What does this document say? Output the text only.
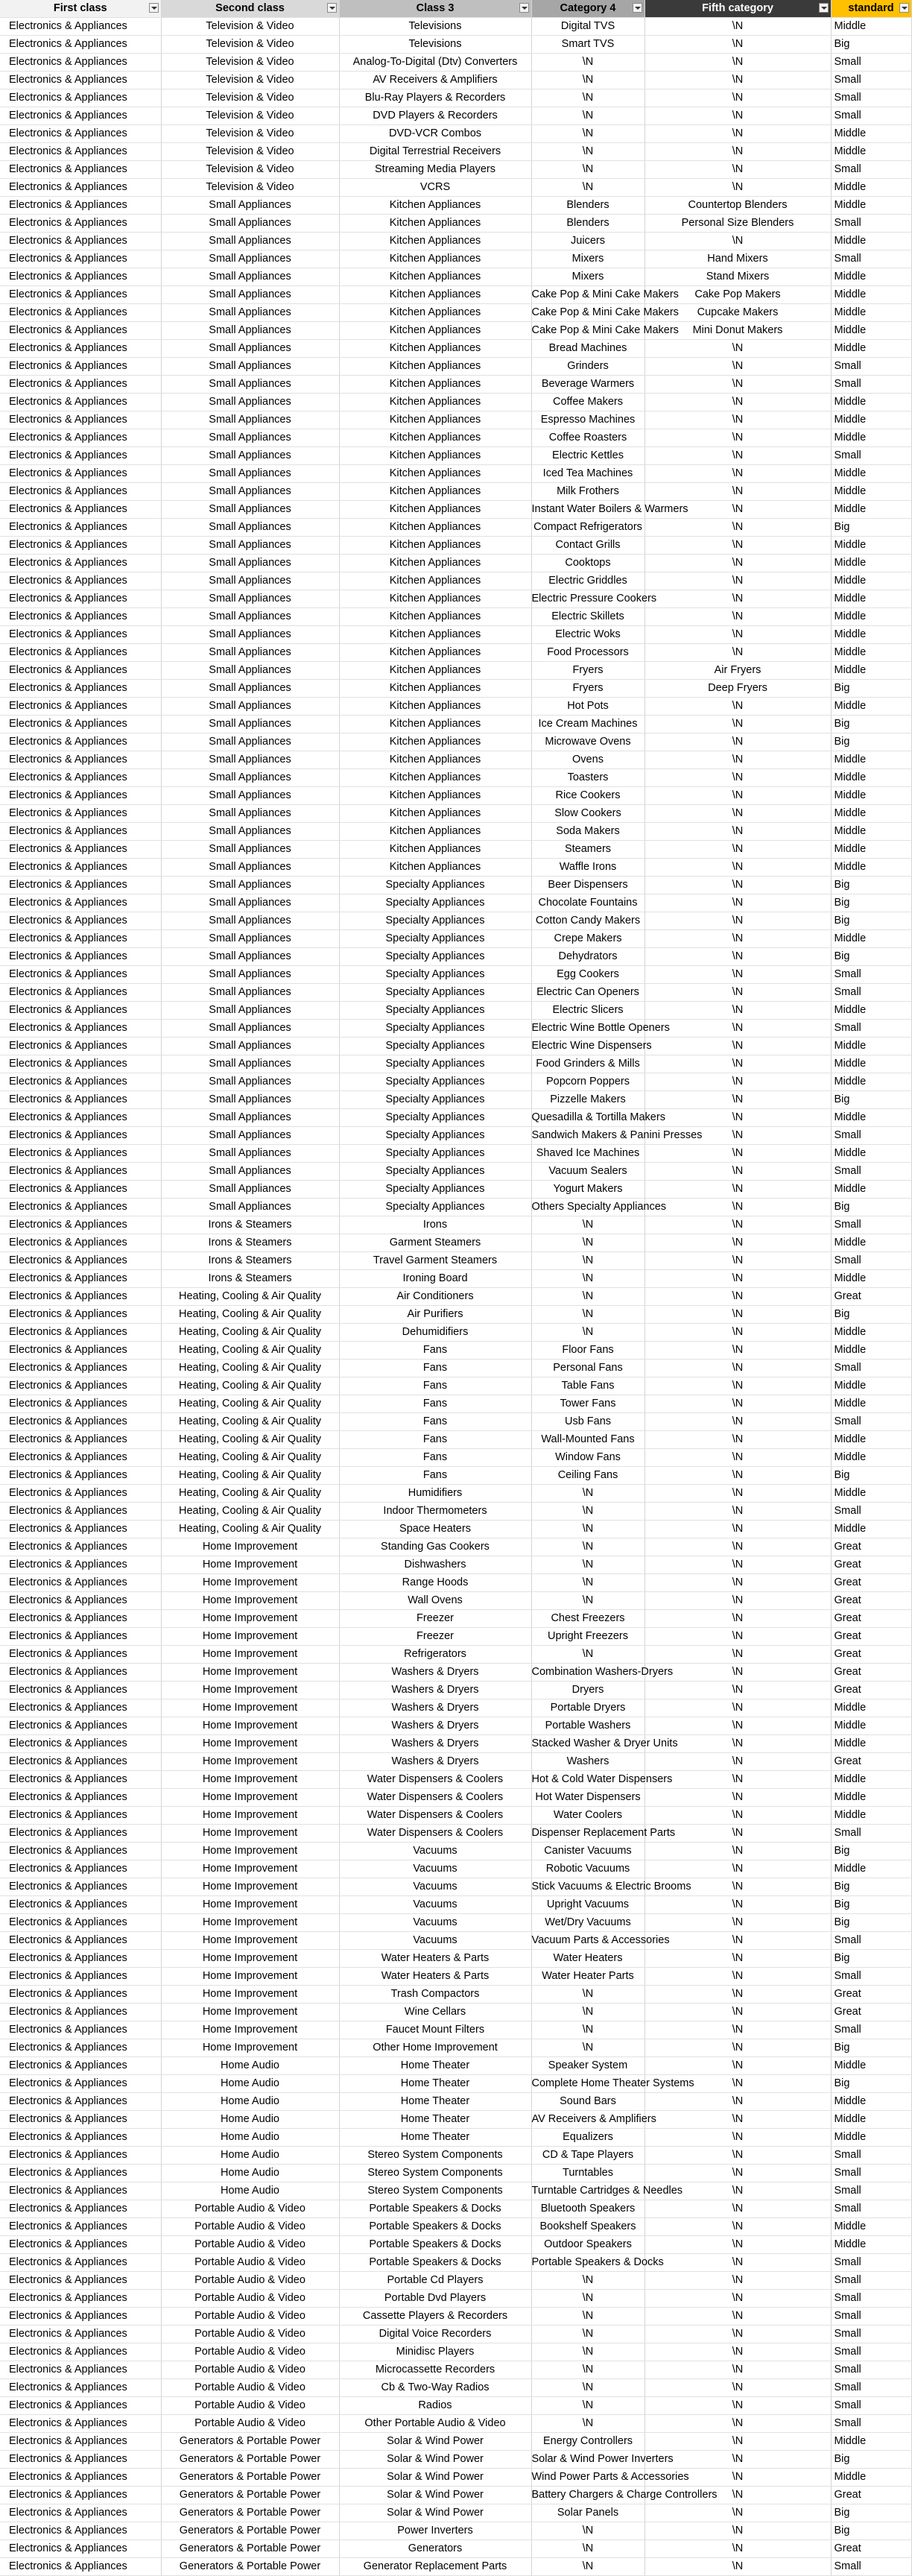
First class	Second class	Class 3	Category 4	Fifth category	standard

Electronics & Appliances	Television & Video	Televisions	Digital TVS	\N	Middle
Electronics & Appliances	Television & Video	Televisions	Smart TVS	\N	Big
Electronics & Appliances	Television & Video	Analog-To-Digital (Dtv) Converters	\N	\N	Small
Electronics & Appliances	Television & Video	AV Receivers & Amplifiers	\N	\N	Small
Electronics & Appliances	Television & Video	Blu-Ray Players & Recorders	\N	\N	Small
Electronics & Appliances	Television & Video	DVD Players & Recorders	\N	\N	Small
Electronics & Appliances	Television & Video	DVD-VCR Combos	\N	\N	Middle
Electronics & Appliances	Television & Video	Digital Terrestrial Receivers	\N	\N	Middle
Electronics & Appliances	Television & Video	Streaming Media Players	\N	\N	Small
Electronics & Appliances	Television & Video	VCRS	\N	\N	Middle
Electronics & Appliances	Small Appliances	Kitchen Appliances	Blenders	Countertop Blenders	Middle
Electronics & Appliances	Small Appliances	Kitchen Appliances	Blenders	Personal Size Blenders	Small
Electronics & Appliances	Small Appliances	Kitchen Appliances	Juicers	\N	Middle
Electronics & Appliances	Small Appliances	Kitchen Appliances	Mixers	Hand Mixers	Small
Electronics & Appliances	Small Appliances	Kitchen Appliances	Mixers	Stand Mixers	Middle
Electronics & Appliances	Small Appliances	Kitchen Appliances	Cake Pop & Mini Cake Makers	Cake Pop Makers	Middle
Electronics & Appliances	Small Appliances	Kitchen Appliances	Cake Pop & Mini Cake Makers	Cupcake Makers	Middle
Electronics & Appliances	Small Appliances	Kitchen Appliances	Cake Pop & Mini Cake Makers	Mini Donut Makers	Middle
Electronics & Appliances	Small Appliances	Kitchen Appliances	Bread Machines	\N	Middle
Electronics & Appliances	Small Appliances	Kitchen Appliances	Grinders	\N	Small
Electronics & Appliances	Small Appliances	Kitchen Appliances	Beverage Warmers	\N	Small
Electronics & Appliances	Small Appliances	Kitchen Appliances	Coffee Makers	\N	Middle
Electronics & Appliances	Small Appliances	Kitchen Appliances	Espresso Machines	\N	Middle
Electronics & Appliances	Small Appliances	Kitchen Appliances	Coffee Roasters	\N	Middle
Electronics & Appliances	Small Appliances	Kitchen Appliances	Electric Kettles	\N	Small
Electronics & Appliances	Small Appliances	Kitchen Appliances	Iced Tea Machines	\N	Middle
Electronics & Appliances	Small Appliances	Kitchen Appliances	Milk Frothers	\N	Middle
Electronics & Appliances	Small Appliances	Kitchen Appliances	Instant Water Boilers & Warmers	\N	Middle
Electronics & Appliances	Small Appliances	Kitchen Appliances	Compact Refrigerators	\N	Big
Electronics & Appliances	Small Appliances	Kitchen Appliances	Contact Grills	\N	Middle
Electronics & Appliances	Small Appliances	Kitchen Appliances	Cooktops	\N	Middle
Electronics & Appliances	Small Appliances	Kitchen Appliances	Electric Griddles	\N	Middle
Electronics & Appliances	Small Appliances	Kitchen Appliances	Electric Pressure Cookers	\N	Middle
Electronics & Appliances	Small Appliances	Kitchen Appliances	Electric Skillets	\N	Middle
Electronics & Appliances	Small Appliances	Kitchen Appliances	Electric Woks	\N	Middle
Electronics & Appliances	Small Appliances	Kitchen Appliances	Food Processors	\N	Middle
Electronics & Appliances	Small Appliances	Kitchen Appliances	Fryers	Air Fryers	Middle
Electronics & Appliances	Small Appliances	Kitchen Appliances	Fryers	Deep Fryers	Big
Electronics & Appliances	Small Appliances	Kitchen Appliances	Hot Pots	\N	Middle
Electronics & Appliances	Small Appliances	Kitchen Appliances	Ice Cream Machines	\N	Big
Electronics & Appliances	Small Appliances	Kitchen Appliances	Microwave Ovens	\N	Big
Electronics & Appliances	Small Appliances	Kitchen Appliances	Ovens	\N	Middle
Electronics & Appliances	Small Appliances	Kitchen Appliances	Toasters	\N	Middle
Electronics & Appliances	Small Appliances	Kitchen Appliances	Rice Cookers	\N	Middle
Electronics & Appliances	Small Appliances	Kitchen Appliances	Slow Cookers	\N	Middle
Electronics & Appliances	Small Appliances	Kitchen Appliances	Soda Makers	\N	Middle
Electronics & Appliances	Small Appliances	Kitchen Appliances	Steamers	\N	Middle
Electronics & Appliances	Small Appliances	Kitchen Appliances	Waffle Irons	\N	Middle
Electronics & Appliances	Small Appliances	Specialty Appliances	Beer Dispensers	\N	Big
Electronics & Appliances	Small Appliances	Specialty Appliances	Chocolate Fountains	\N	Big
Electronics & Appliances	Small Appliances	Specialty Appliances	Cotton Candy Makers	\N	Big
Electronics & Appliances	Small Appliances	Specialty Appliances	Crepe Makers	\N	Middle
Electronics & Appliances	Small Appliances	Specialty Appliances	Dehydrators	\N	Big
Electronics & Appliances	Small Appliances	Specialty Appliances	Egg Cookers	\N	Small
Electronics & Appliances	Small Appliances	Specialty Appliances	Electric Can Openers	\N	Small
Electronics & Appliances	Small Appliances	Specialty Appliances	Electric Slicers	\N	Middle
Electronics & Appliances	Small Appliances	Specialty Appliances	Electric Wine Bottle Openers	\N	Small
Electronics & Appliances	Small Appliances	Specialty Appliances	Electric Wine Dispensers	\N	Middle
Electronics & Appliances	Small Appliances	Specialty Appliances	Food Grinders & Mills	\N	Middle
Electronics & Appliances	Small Appliances	Specialty Appliances	Popcorn Poppers	\N	Middle
Electronics & Appliances	Small Appliances	Specialty Appliances	Pizzelle Makers	\N	Big
Electronics & Appliances	Small Appliances	Specialty Appliances	Quesadilla & Tortilla Makers	\N	Middle
Electronics & Appliances	Small Appliances	Specialty Appliances	Sandwich Makers & Panini Presses	\N	Small
Electronics & Appliances	Small Appliances	Specialty Appliances	Shaved Ice Machines	\N	Middle
Electronics & Appliances	Small Appliances	Specialty Appliances	Vacuum Sealers	\N	Small
Electronics & Appliances	Small Appliances	Specialty Appliances	Yogurt Makers	\N	Middle
Electronics & Appliances	Small Appliances	Specialty Appliances	Others Specialty Appliances	\N	Big
Electronics & Appliances	Irons & Steamers	Irons	\N	\N	Small
Electronics & Appliances	Irons & Steamers	Garment Steamers	\N	\N	Middle
Electronics & Appliances	Irons & Steamers	Travel Garment Steamers	\N	\N	Small
Electronics & Appliances	Irons & Steamers	Ironing Board	\N	\N	Middle
Electronics & Appliances	Heating, Cooling & Air Quality	Air Conditioners	\N	\N	Great
Electronics & Appliances	Heating, Cooling & Air Quality	Air Purifiers	\N	\N	Big
Electronics & Appliances	Heating, Cooling & Air Quality	Dehumidifiers	\N	\N	Middle
Electronics & Appliances	Heating, Cooling & Air Quality	Fans	Floor Fans	\N	Middle
Electronics & Appliances	Heating, Cooling & Air Quality	Fans	Personal Fans	\N	Small
Electronics & Appliances	Heating, Cooling & Air Quality	Fans	Table Fans	\N	Middle
Electronics & Appliances	Heating, Cooling & Air Quality	Fans	Tower Fans	\N	Middle
Electronics & Appliances	Heating, Cooling & Air Quality	Fans	Usb Fans	\N	Small
Electronics & Appliances	Heating, Cooling & Air Quality	Fans	Wall-Mounted Fans	\N	Middle
Electronics & Appliances	Heating, Cooling & Air Quality	Fans	Window Fans	\N	Middle
Electronics & Appliances	Heating, Cooling & Air Quality	Fans	Ceiling Fans	\N	Big
Electronics & Appliances	Heating, Cooling & Air Quality	Humidifiers	\N	\N	Middle
Electronics & Appliances	Heating, Cooling & Air Quality	Indoor Thermometers	\N	\N	Small
Electronics & Appliances	Heating, Cooling & Air Quality	Space Heaters	\N	\N	Middle
Electronics & Appliances	Home Improvement	Standing Gas Cookers	\N	\N	Great
Electronics & Appliances	Home Improvement	Dishwashers	\N	\N	Great
Electronics & Appliances	Home Improvement	Range Hoods	\N	\N	Great
Electronics & Appliances	Home Improvement	Wall Ovens	\N	\N	Great
Electronics & Appliances	Home Improvement	Freezer	Chest Freezers	\N	Great
Electronics & Appliances	Home Improvement	Freezer	Upright Freezers	\N	Great
Electronics & Appliances	Home Improvement	Refrigerators	\N	\N	Great
Electronics & Appliances	Home Improvement	Washers & Dryers	Combination Washers-Dryers	\N	Great
Electronics & Appliances	Home Improvement	Washers & Dryers	Dryers	\N	Great
Electronics & Appliances	Home Improvement	Washers & Dryers	Portable Dryers	\N	Middle
Electronics & Appliances	Home Improvement	Washers & Dryers	Portable Washers	\N	Middle
Electronics & Appliances	Home Improvement	Washers & Dryers	Stacked Washer & Dryer Units	\N	Middle
Electronics & Appliances	Home Improvement	Washers & Dryers	Washers	\N	Great
Electronics & Appliances	Home Improvement	Water Dispensers & Coolers	Hot & Cold Water Dispensers	\N	Middle
Electronics & Appliances	Home Improvement	Water Dispensers & Coolers	Hot Water Dispensers	\N	Middle
Electronics & Appliances	Home Improvement	Water Dispensers & Coolers	Water Coolers	\N	Middle
Electronics & Appliances	Home Improvement	Water Dispensers & Coolers	Dispenser Replacement Parts	\N	Small
Electronics & Appliances	Home Improvement	Vacuums	Canister Vacuums	\N	Big
Electronics & Appliances	Home Improvement	Vacuums	Robotic Vacuums	\N	Middle
Electronics & Appliances	Home Improvement	Vacuums	Stick Vacuums & Electric Brooms	\N	Big
Electronics & Appliances	Home Improvement	Vacuums	Upright Vacuums	\N	Big
Electronics & Appliances	Home Improvement	Vacuums	Wet/Dry Vacuums	\N	Big
Electronics & Appliances	Home Improvement	Vacuums	Vacuum Parts & Accessories	\N	Small
Electronics & Appliances	Home Improvement	Water Heaters & Parts	Water Heaters	\N	Big
Electronics & Appliances	Home Improvement	Water Heaters & Parts	Water Heater Parts	\N	Small
Electronics & Appliances	Home Improvement	Trash Compactors	\N	\N	Great
Electronics & Appliances	Home Improvement	Wine Cellars	\N	\N	Great
Electronics & Appliances	Home Improvement	Faucet Mount Filters	\N	\N	Small
Electronics & Appliances	Home Improvement	Other Home Improvement	\N	\N	Big
Electronics & Appliances	Home Audio	Home Theater	Speaker System	\N	Middle
Electronics & Appliances	Home Audio	Home Theater	Complete Home Theater Systems	\N	Big
Electronics & Appliances	Home Audio	Home Theater	Sound Bars	\N	Middle
Electronics & Appliances	Home Audio	Home Theater	AV Receivers & Amplifiers	\N	Middle
Electronics & Appliances	Home Audio	Home Theater	Equalizers	\N	Middle
Electronics & Appliances	Home Audio	Stereo System Components	CD & Tape Players	\N	Small
Electronics & Appliances	Home Audio	Stereo System Components	Turntables	\N	Small
Electronics & Appliances	Home Audio	Stereo System Components	Turntable Cartridges & Needles	\N	Small
Electronics & Appliances	Portable Audio & Video	Portable Speakers & Docks	Bluetooth Speakers	\N	Small
Electronics & Appliances	Portable Audio & Video	Portable Speakers & Docks	Bookshelf Speakers	\N	Middle
Electronics & Appliances	Portable Audio & Video	Portable Speakers & Docks	Outdoor Speakers	\N	Middle
Electronics & Appliances	Portable Audio & Video	Portable Speakers & Docks	Portable Speakers & Docks	\N	Small
Electronics & Appliances	Portable Audio & Video	Portable Cd Players	\N	\N	Small
Electronics & Appliances	Portable Audio & Video	Portable Dvd Players	\N	\N	Small
Electronics & Appliances	Portable Audio & Video	Cassette Players & Recorders	\N	\N	Small
Electronics & Appliances	Portable Audio & Video	Digital Voice Recorders	\N	\N	Small
Electronics & Appliances	Portable Audio & Video	Minidisc Players	\N	\N	Small
Electronics & Appliances	Portable Audio & Video	Microcassette Recorders	\N	\N	Small
Electronics & Appliances	Portable Audio & Video	Cb & Two-Way Radios	\N	\N	Small
Electronics & Appliances	Portable Audio & Video	Radios	\N	\N	Small
Electronics & Appliances	Portable Audio & Video	Other Portable Audio & Video	\N	\N	Small
Electronics & Appliances	Generators & Portable Power	Solar & Wind Power	Energy Controllers	\N	Middle
Electronics & Appliances	Generators & Portable Power	Solar & Wind Power	Solar & Wind Power Inverters	\N	Big
Electronics & Appliances	Generators & Portable Power	Solar & Wind Power	Wind Power Parts & Accessories	\N	Middle
Electronics & Appliances	Generators & Portable Power	Solar & Wind Power	Battery Chargers & Charge Controllers	\N	Great
Electronics & Appliances	Generators & Portable Power	Solar & Wind Power	Solar Panels	\N	Big
Electronics & Appliances	Generators & Portable Power	Power Inverters	\N	\N	Big
Electronics & Appliances	Generators & Portable Power	Generators	\N	\N	Great
Electronics & Appliances	Generators & Portable Power	Generator Replacement Parts	\N	\N	Small
